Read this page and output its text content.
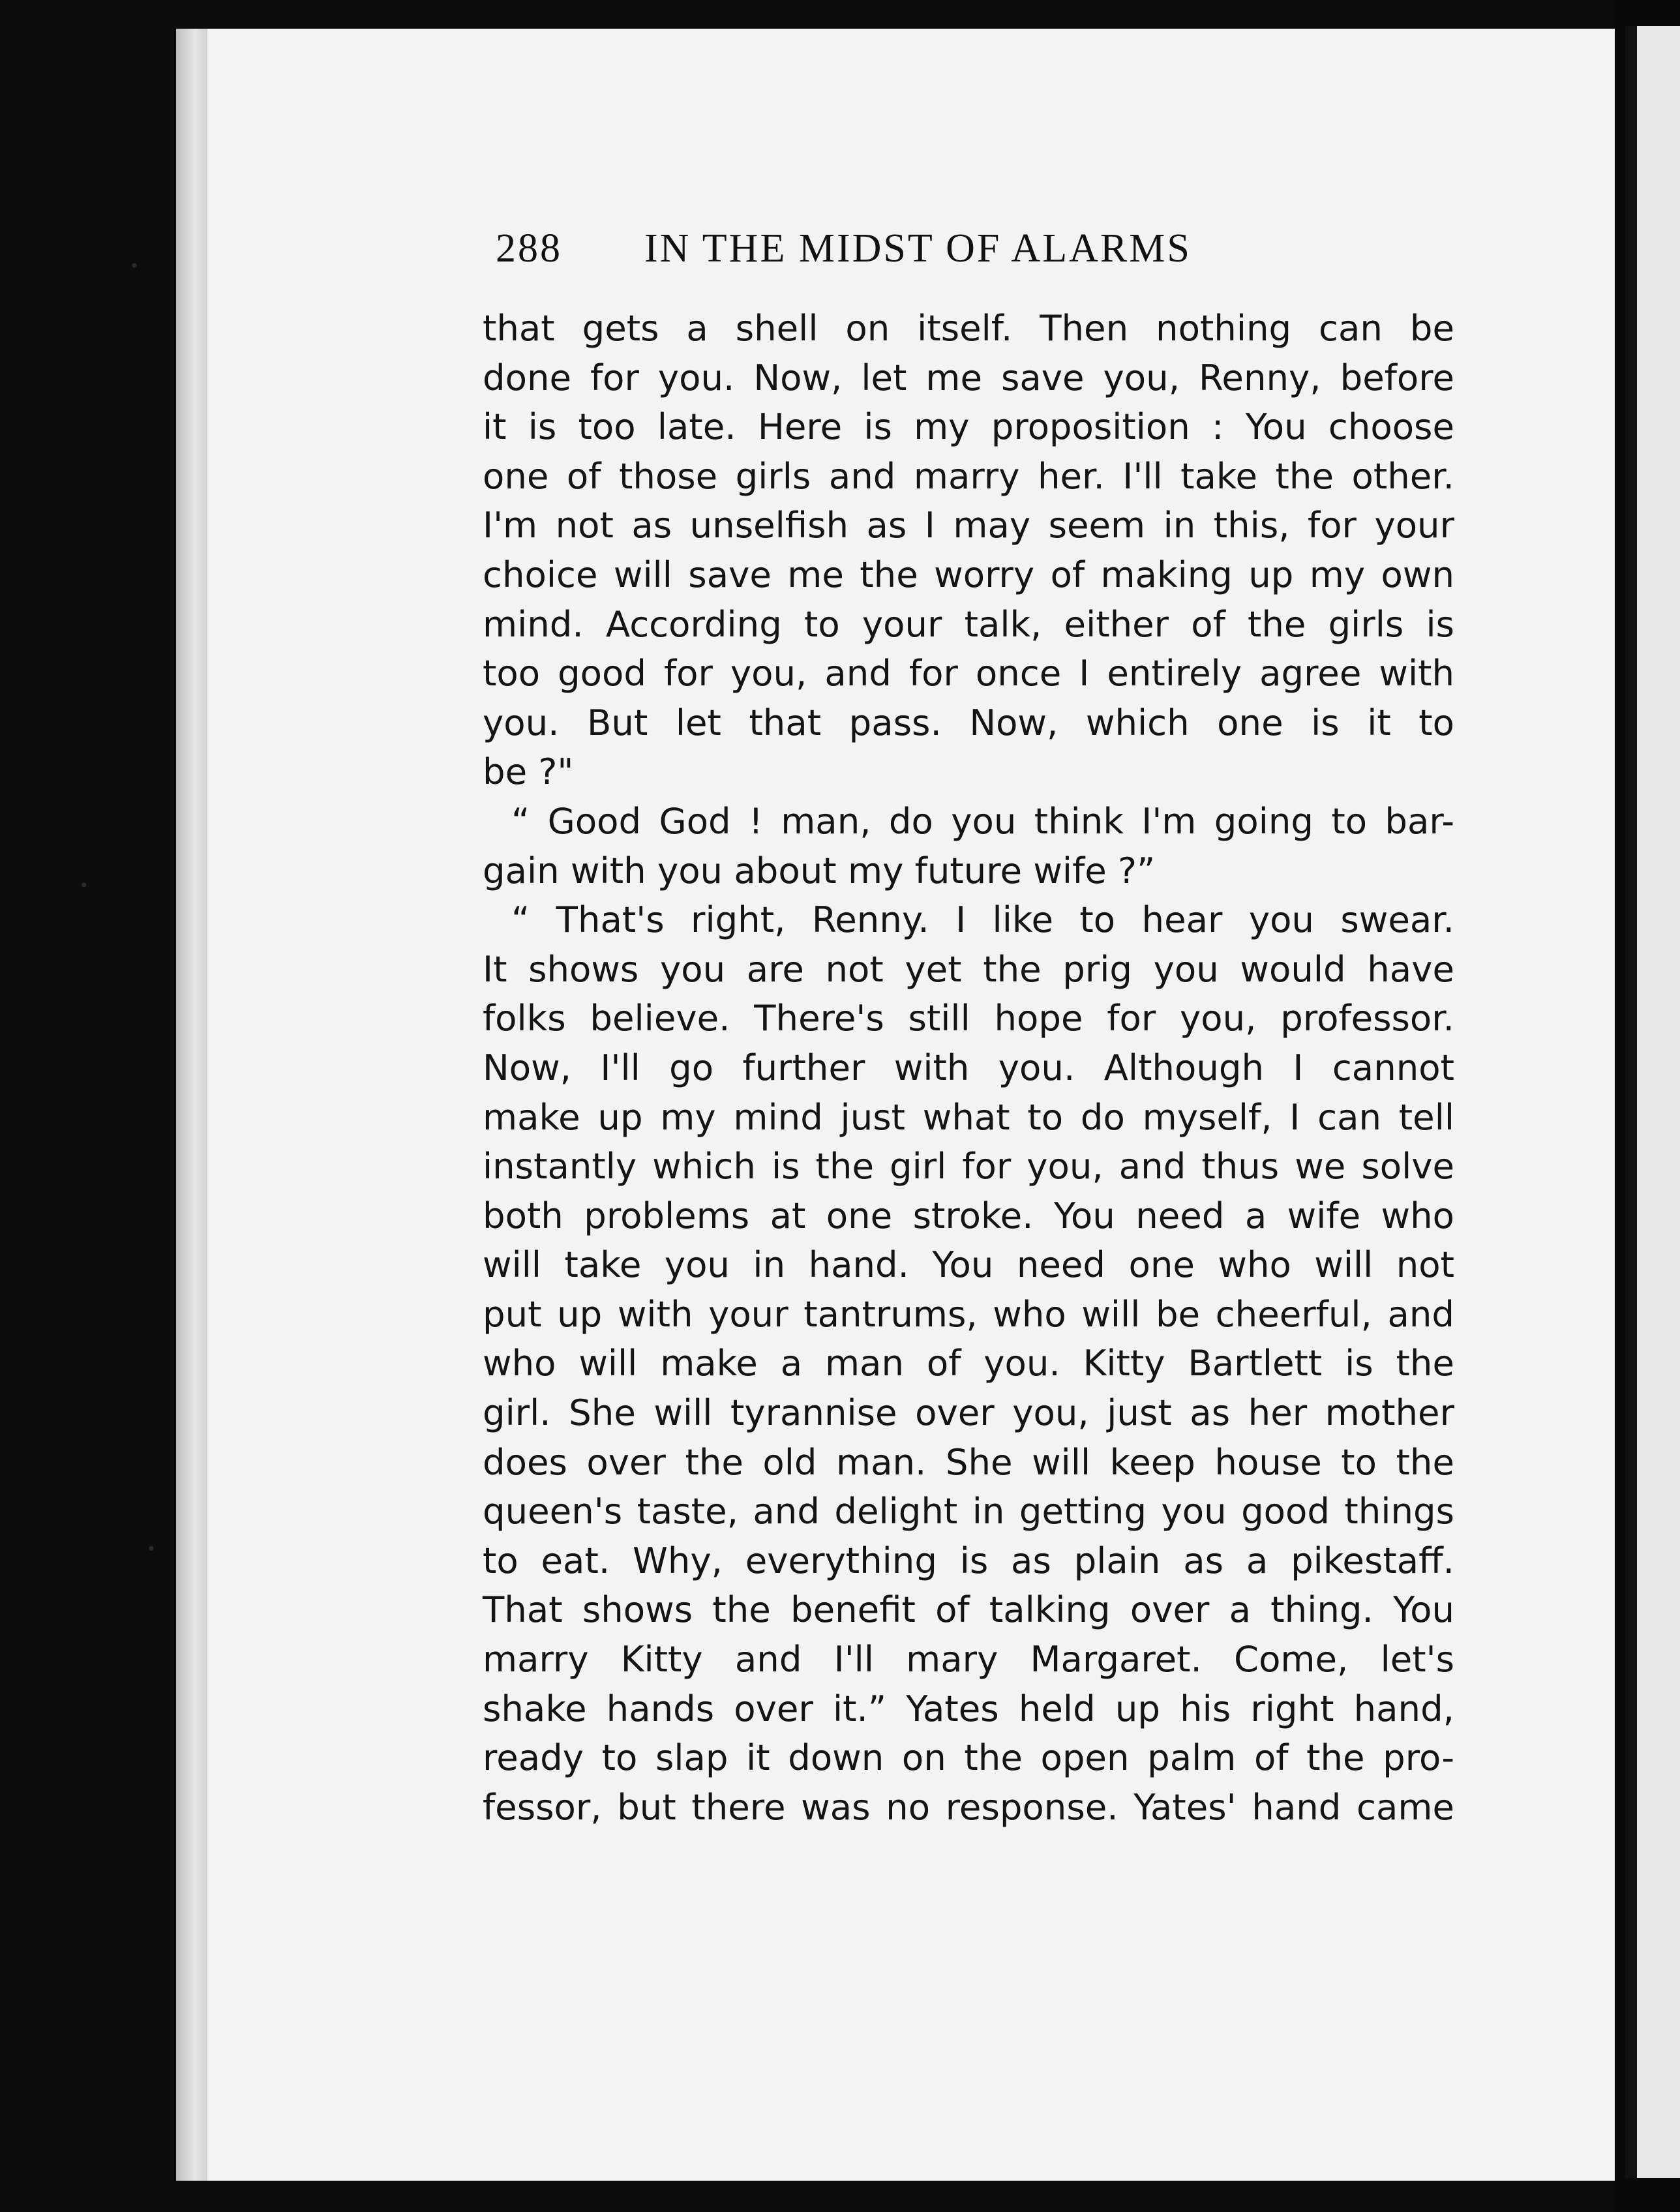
288 IN THE MIDST OF ALARMS
that gets a shell on itself. Then nothing can be
done for you. Now, let me save you, Renny, before
it is too late. Here is my proposition : You choose
one of those girls and marry her. I'll take the other.
I'm not as unselfish as I may seem in this, for your
choice will save me the worry of making up my own
mind. According to your talk, either of the girls is
too good for you, and for once I entirely agree with
you. But let that pass. Now, which one is it to
be ?"
“ Good God ! man, do you think I'm going to bar-
gain with you about my future wife ?”
“ That's right, Renny. I like to hear you swear.
It shows you are not yet the prig you would have
folks believe. There's still hope for you, professor.
Now, I'll go further with you. Although I cannot
make up my mind just what to do myself, I can tell
instantly which is the girl for you, and thus we solve
both problems at one stroke. You need a wife who
will take you in hand. You need one who will not
put up with your tantrums, who will be cheerful, and
who will make a man of you. Kitty Bartlett is the
girl. She will tyrannise over you, just as her mother
does over the old man. She will keep house to the
queen's taste, and delight in getting you good things
to eat. Why, everything is as plain as a pikestaff.
That shows the benefit of talking over a thing. You
marry Kitty and I'll mary Margaret. Come, let's
shake hands over it.” Yates held up his right hand,
ready to slap it down on the open palm of the pro-
fessor, but there was no response. Yates' hand came
